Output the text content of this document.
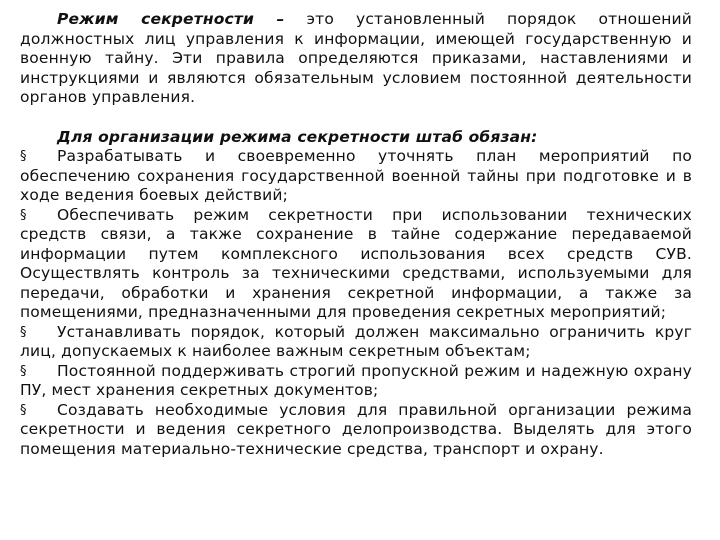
Режим секретности – это установленный порядок отношений должностных лиц управления к информации, имеющей государственную и военную тайну. Эти правила определяются приказами, наставлениями и инструкциями и являются обязательным условием постоянной деятельности органов управления.

Для организации режима секретности штаб обязан:

§ Разрабатывать и своевременно уточнять план мероприятий по обеспечению сохранения государственной военной тайны при подготовке и в ходе ведения боевых действий;

§ Обеспечивать режим секретности при использовании технических средств связи, а также сохранение в тайне содержание передаваемой информации путем комплексного использования всех средств СУВ. Осуществлять контроль за техническими средствами, используемыми для передачи, обработки и хранения секретной информации, а также за помещениями, предназначенными для проведения секретных мероприятий;

§ Устанавливать порядок, который должен максимально ограничить круг лиц, допускаемых к наиболее важным секретным объектам;

§ Постоянной поддерживать строгий пропускной режим и надежную охрану ПУ, мест хранения секретных документов;

§ Создавать необходимые условия для правильной организации режима секретности и ведения секретного делопроизводства. Выделять для этого помещения материально-технические средства, транспорт и охрану.
